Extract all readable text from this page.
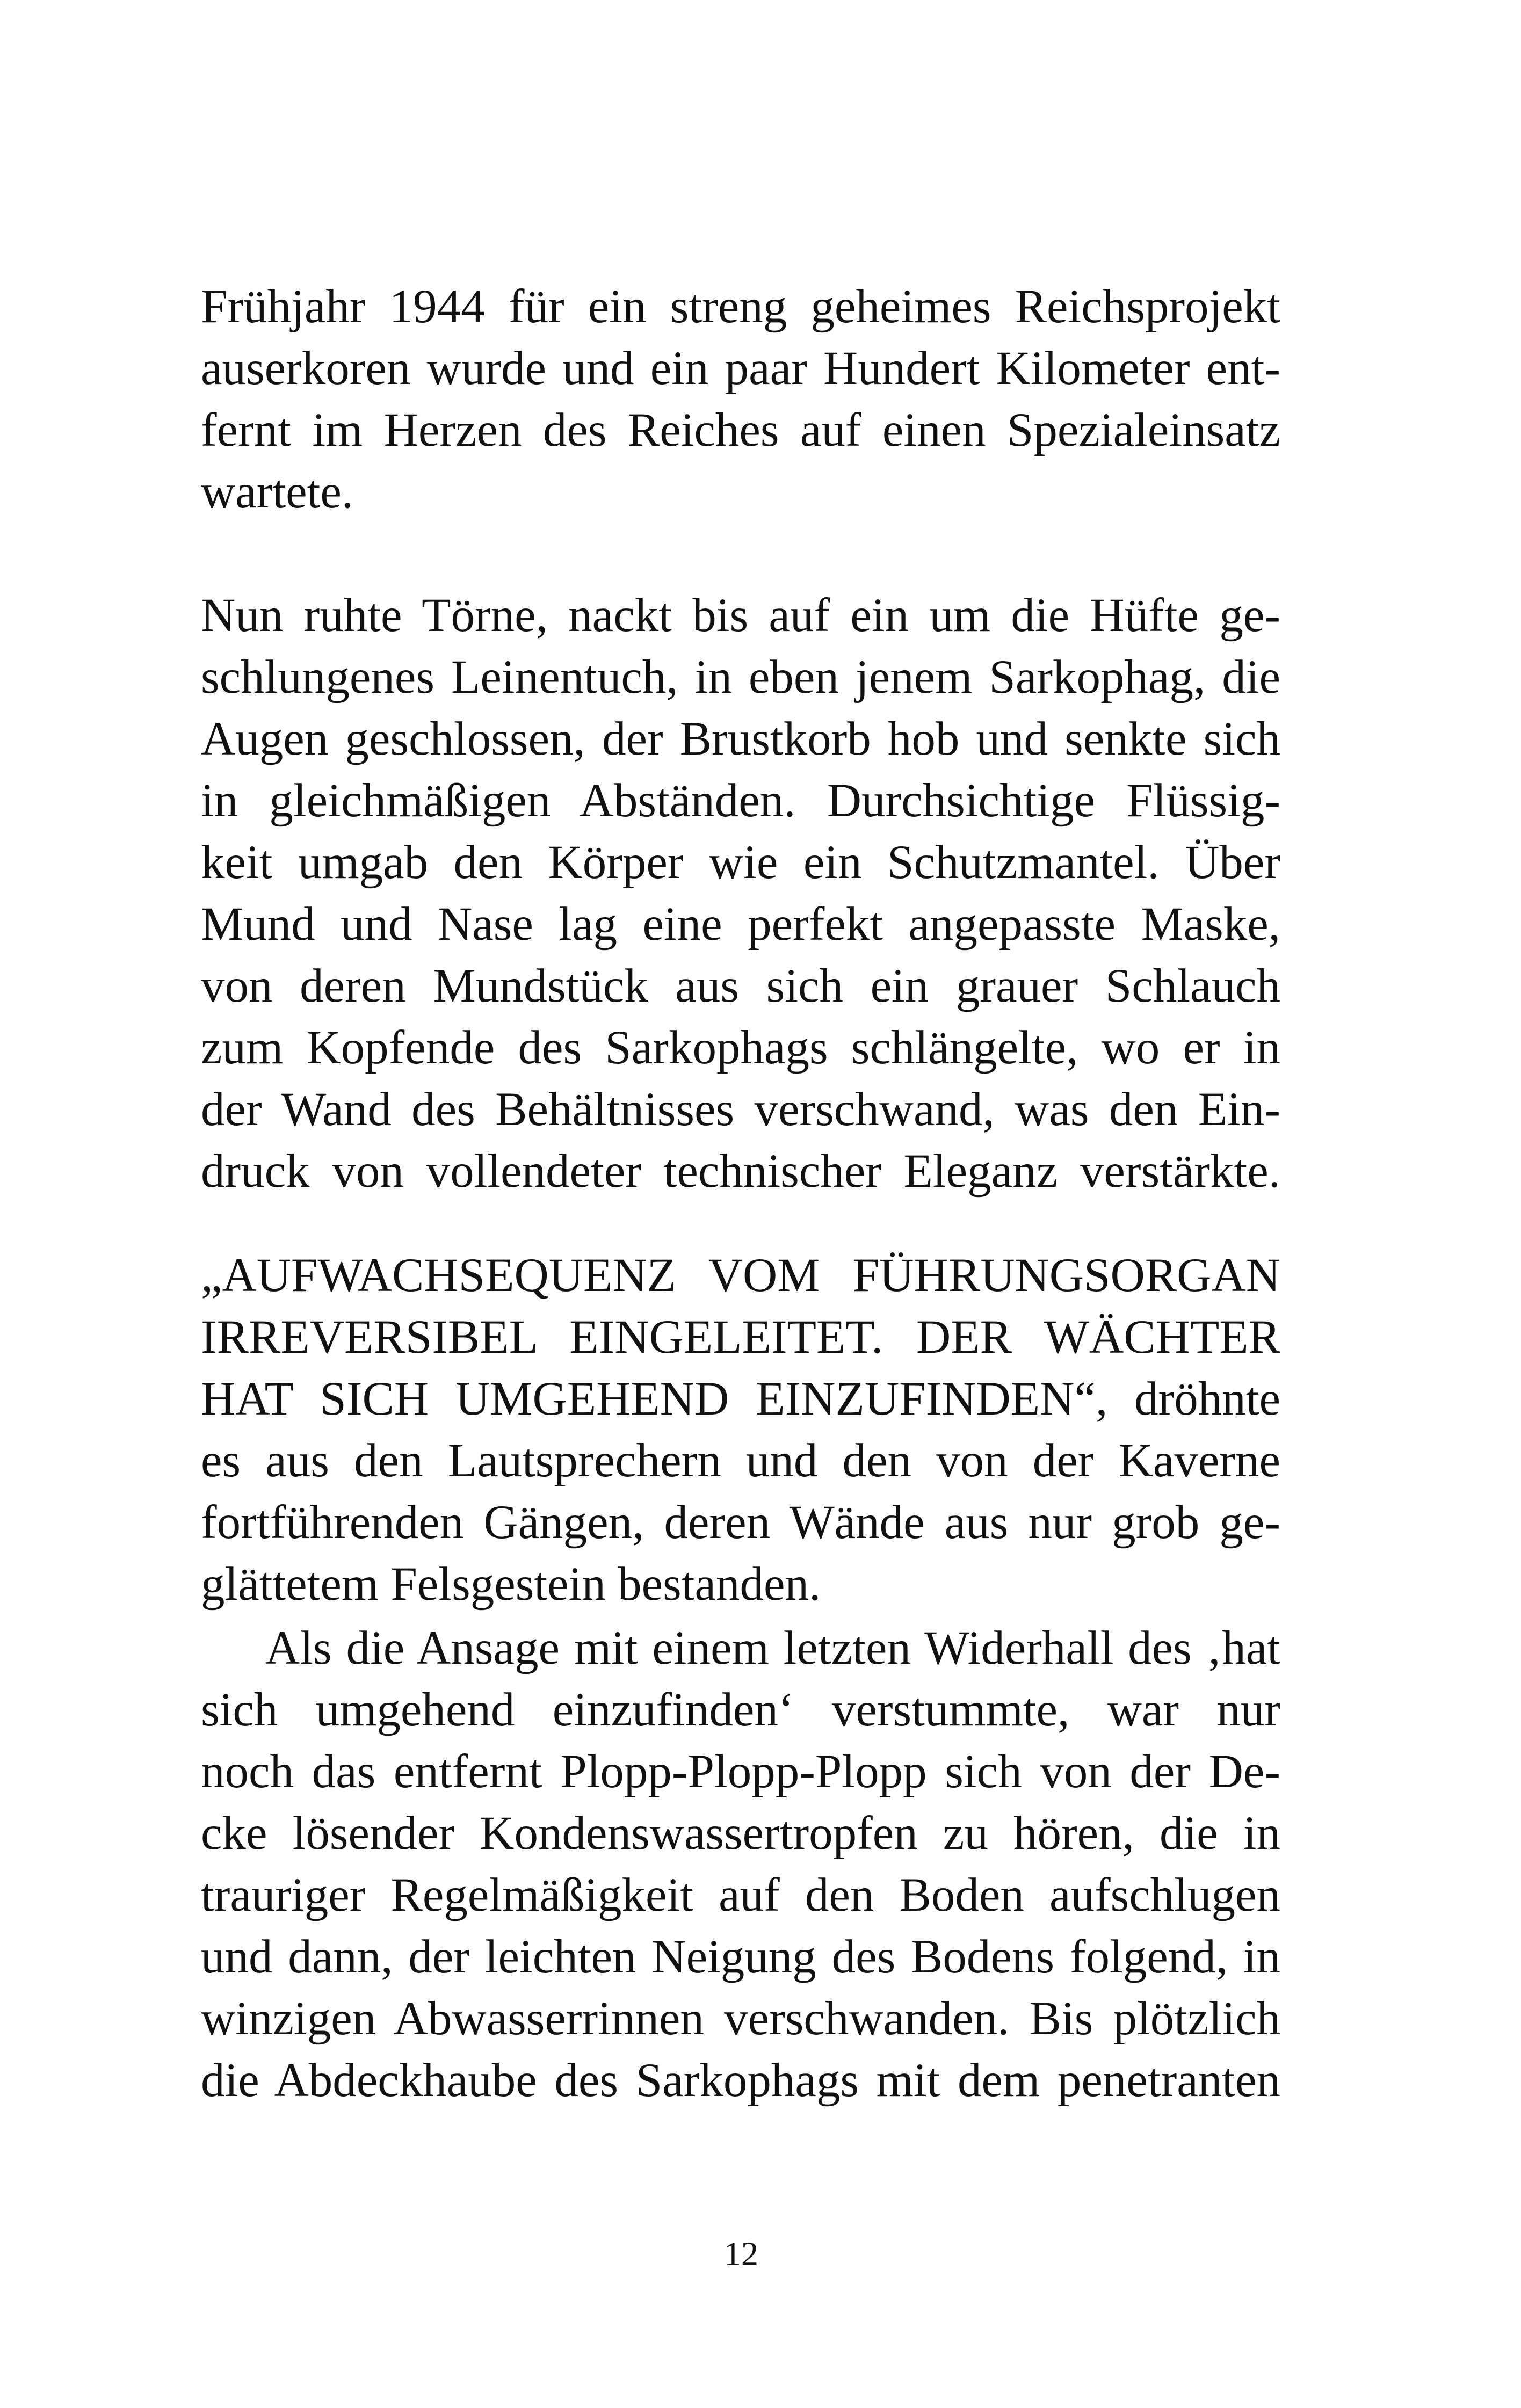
Frühjahr 1944 für ein streng geheimes Reichsprojekt
auserkoren wurde und ein paar Hundert Kilometer ent-
fernt im Herzen des Reiches auf einen Spezialeinsatz
wartete.
Nun ruhte Törne, nackt bis auf ein um die Hüfte ge-
schlungenes Leinentuch, in eben jenem Sarkophag, die
Augen geschlossen, der Brustkorb hob und senkte sich
in gleichmäßigen Abständen. Durchsichtige Flüssig-
keit umgab den Körper wie ein Schutzmantel. Über
Mund und Nase lag eine perfekt angepasste Maske,
von deren Mundstück aus sich ein grauer Schlauch
zum Kopfende des Sarkophags schlängelte, wo er in
der Wand des Behältnisses verschwand, was den Ein-
druck von vollendeter technischer Eleganz verstärkte.
„AUFWACHSEQUENZ VOM FÜHRUNGSORGAN
IRREVERSIBEL EINGELEITET. DER WÄCHTER
HAT SICH UMGEHEND EINZUFINDEN“, dröhnte
es aus den Lautsprechern und den von der Kaverne
fortführenden Gängen, deren Wände aus nur grob ge-
glättetem Felsgestein bestanden.
Als die Ansage mit einem letzten Widerhall des ‚hat
sich umgehend einzufinden‘ verstummte, war nur
noch das entfernt Plopp-Plopp-Plopp sich von der De-
cke lösender Kondenswassertropfen zu hören, die in
trauriger Regelmäßigkeit auf den Boden aufschlugen
und dann, der leichten Neigung des Bodens folgend, in
winzigen Abwasserrinnen verschwanden. Bis plötzlich
die Abdeckhaube des Sarkophags mit dem penetranten
12
